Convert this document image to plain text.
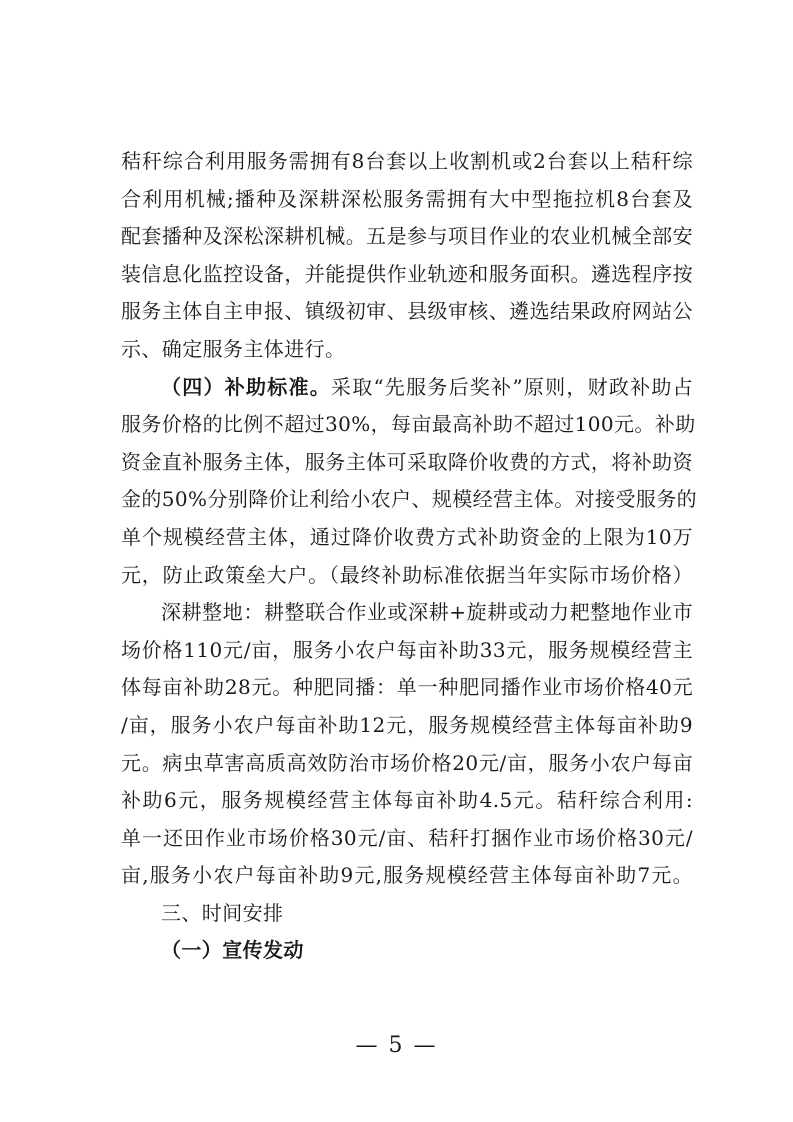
秸秆综合利用服务需拥有8台套以上收割机或2台套以上秸秆综
合利用机械;播种及深耕深松服务需拥有大中型拖拉机8台套及
配套播种及深松深耕机械。五是参与项目作业的农业机械全部安
装信息化监控设备，并能提供作业轨迹和服务面积。遴选程序按
服务主体自主申报、镇级初审、县级审核、遴选结果政府网站公
示、确定服务主体进行。
（四）补助标准。采取“先服务后奖补”原则，财政补助占
服务价格的比例不超过30%，每亩最高补助不超过100元。补助
资金直补服务主体，服务主体可采取降价收费的方式，将补助资
金的50%分别降价让利给小农户、规模经营主体。对接受服务的
单个规模经营主体，通过降价收费方式补助资金的上限为10万
元，防止政策垒大户。（最终补助标准依据当年实际市场价格）
深耕整地：耕整联合作业或深耕+旋耕或动力耙整地作业市
场价格110元/亩，服务小农户每亩补助33元，服务规模经营主
体每亩补助28元。种肥同播：单一种肥同播作业市场价格40元
/亩，服务小农户每亩补助12元，服务规模经营主体每亩补助9
元。病虫草害高质高效防治市场价格20元/亩，服务小农户每亩
补助6元，服务规模经营主体每亩补助4.5元。秸秆综合利用:
单一还田作业市场价格30元/亩、秸秆打捆作业市场价格30元/
亩,服务小农户每亩补助9元,服务规模经营主体每亩补助7元。
三、时间安排
（一）宣传发动
— 5 —
